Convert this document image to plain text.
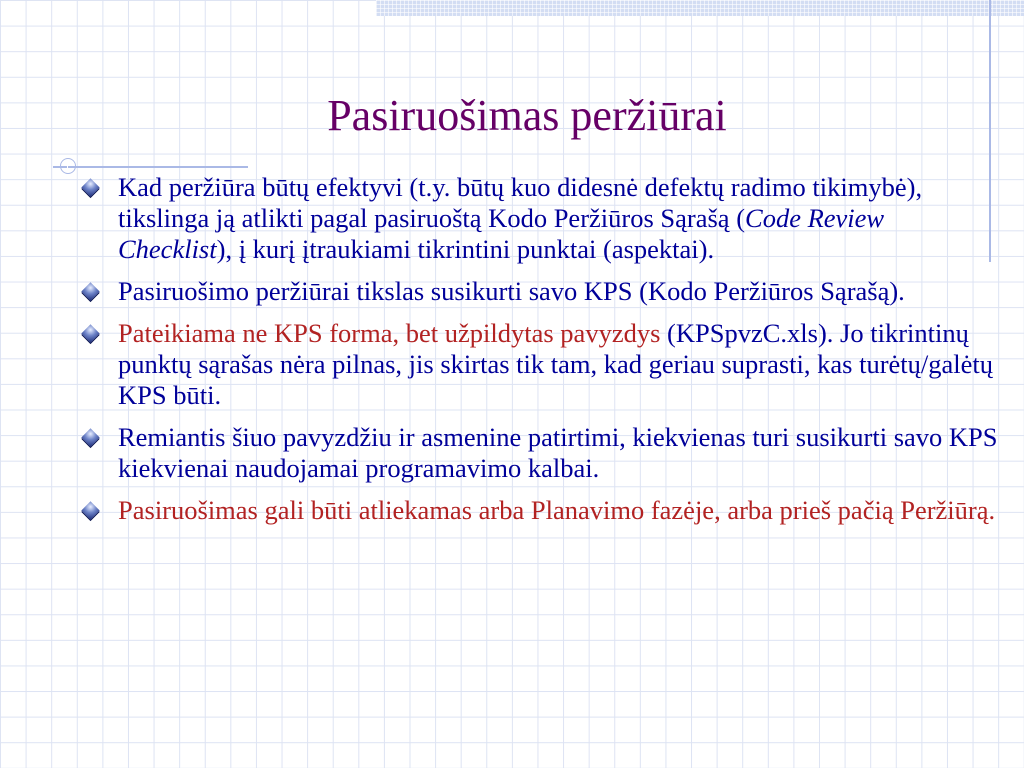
Pasiruošimas peržiūrai
Kad peržiūra būtų efektyvi (t.y. būtų kuo didesnė defektų radimo tikimybė), tikslinga ją atlikti pagal pasiruoštą Kodo Peržiūros Sąrašą (Code Review Checklist), į kurį įtraukiami tikrintini punktai (aspektai).
Pasiruošimo peržiūrai tikslas susikurti savo KPS (Kodo Peržiūros Sąrašą).
Pateikiama ne KPS forma, bet užpildytas pavyzdys (KPSpvzC.xls). Jo tikrintinų punktų sąrašas nėra pilnas, jis skirtas tik tam, kad geriau suprasti, kas turėtų/galėtų KPS būti.
Remiantis šiuo pavyzdžiu ir asmenine patirtimi, kiekvienas turi susikurti savo KPS kiekvienai naudojamai programavimo kalbai.
Pasiruošimas gali būti atliekamas arba Planavimo fazėje, arba prieš pačią Peržiūrą.
